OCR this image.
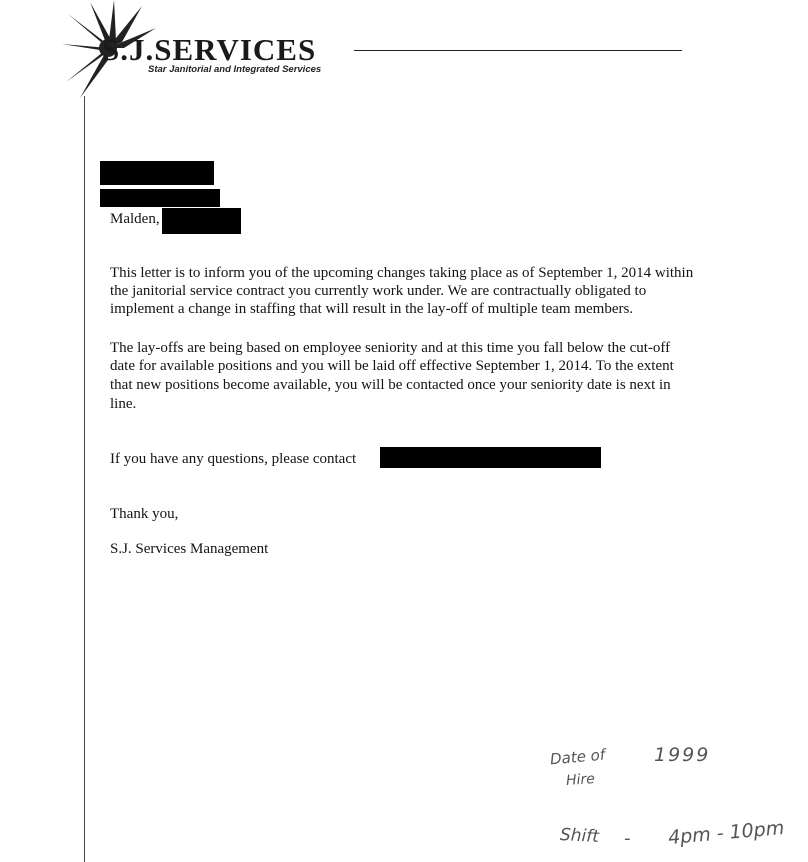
S.J.SERVICES
Star Janitorial and Integrated Services
Malden,
This letter is to inform you of the upcoming changes taking place as of September 1, 2014 within
the janitorial service contract you currently work under. We are contractually obligated to
implement a change in staffing that will result in the lay-off of multiple team members.
The lay-offs are being based on employee seniority and at this time you fall below the cut-off
date for available positions and you will be laid off effective September 1, 2014. To the extent
that new positions become available, you will be contacted once your seniority date is next in
line.
If you have any questions, please contact
Thank you,
S.J. Services Management
Date of
Hire
1999
Shift - 4pm - 10pm
